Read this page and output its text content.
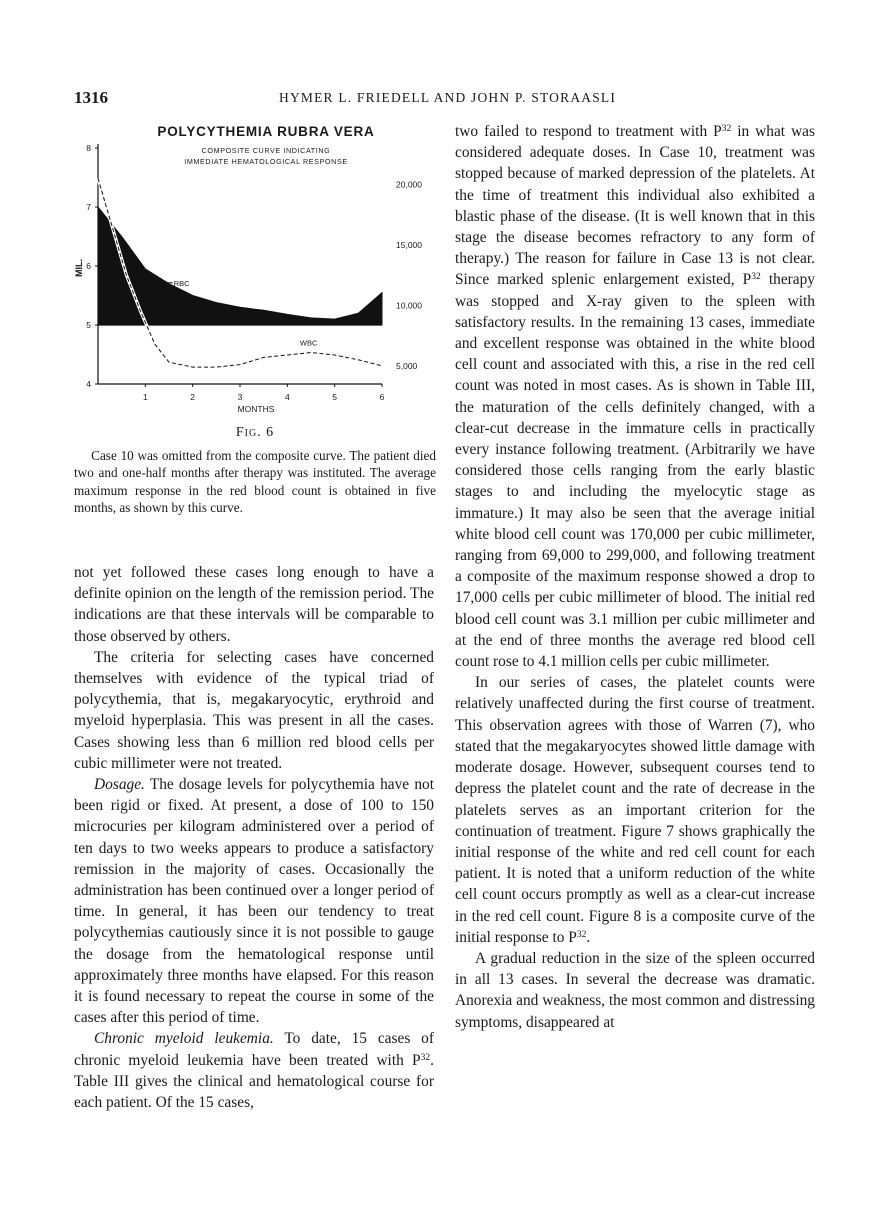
1316	HYMER L. FRIEDELL AND JOHN P. STORAASLI
POLYCYTHEMIA RUBRA VERA
COMPOSITE CURVE INDICATING
IMMEDIATE HEMATOLOGICAL RESPONSE
1	2	3	4	5	6
4
5
6
7
8
5,000
10,000
15,000
20,000
MIL.
MONTHS
RBC
WBC
Fig. 6
Case 10 was omitted from the composite curve. The patient died two and one-half months after therapy was instituted. The average maximum response in the red blood count is obtained in five months, as shown by this curve.

not yet followed these cases long enough to have a definite opinion on the length of the remission period. The indications are that these intervals will be comparable to those observed by others.

The criteria for selecting cases have concerned themselves with evidence of the typical triad of polycythemia, that is, megakaryocytic, erythroid and myeloid hyperplasia. This was present in all the cases. Cases showing less than 6 million red blood cells per cubic millimeter were not treated.

Dosage. The dosage levels for polycythemia have not been rigid or fixed. At present, a dose of 100 to 150 microcuries per kilogram administered over a period of ten days to two weeks appears to produce a satisfactory remission in the majority of cases. Occasionally the administration has been continued over a longer period of time. In general, it has been our tendency to treat polycythemias cautiously since it is not possible to gauge the dosage from the hematological response until approximately three months have elapsed. For this reason it is found necessary to repeat the course in some of the cases after this period of time.

Chronic myeloid leukemia. To date, 15 cases of chronic myeloid leukemia have been treated with $P^{32}$. Table III gives the clinical and hematological course for each patient. Of the 15 cases,

two failed to respond to treatment with $P^{32}$ in what was considered adequate doses. In Case 10, treatment was stopped because of marked depression of the platelets. At the time of treatment this individual also exhibited a blastic phase of the disease. (It is well known that in this stage the disease becomes refractory to any form of therapy.) The reason for failure in Case 13 is not clear. Since marked splenic enlargement existed, $P^{32}$ therapy was stopped and X-ray given to the spleen with satisfactory results. In the remaining 13 cases, immediate and excellent response was obtained in the white blood cell count and associated with this, a rise in the red cell count was noted in most cases. As is shown in Table III, the maturation of the cells definitely changed, with a clear-cut decrease in the immature cells in practically every instance following treatment. (Arbitrarily we have considered those cells ranging from the early blastic stages to and including the myelocytic stage as immature.) It may also be seen that the average initial white blood cell count was 170,000 per cubic millimeter, ranging from 69,000 to 299,000, and following treatment a composite of the maximum response showed a drop to 17,000 cells per cubic millimeter of blood. The initial red blood cell count was 3.1 million per cubic millimeter and at the end of three months the average red blood cell count rose to 4.1 million cells per cubic millimeter.

In our series of cases, the platelet counts were relatively unaffected during the first course of treatment. This observation agrees with those of Warren (7), who stated that the megakaryocytes showed little damage with moderate dosage. However, subsequent courses tend to depress the platelet count and the rate of decrease in the platelets serves as an important criterion for the continuation of treatment. Figure 7 shows graphically the initial response of the white and red cell count for each patient. It is noted that a uniform reduction of the white cell count occurs promptly as well as a clear-cut increase in the red cell count. Figure 8 is a composite curve of the initial response to $P^{32}$.

A gradual reduction in the size of the spleen occurred in all 13 cases. In several the decrease was dramatic. Anorexia and weakness, the most common and distressing symptoms, disappeared at
